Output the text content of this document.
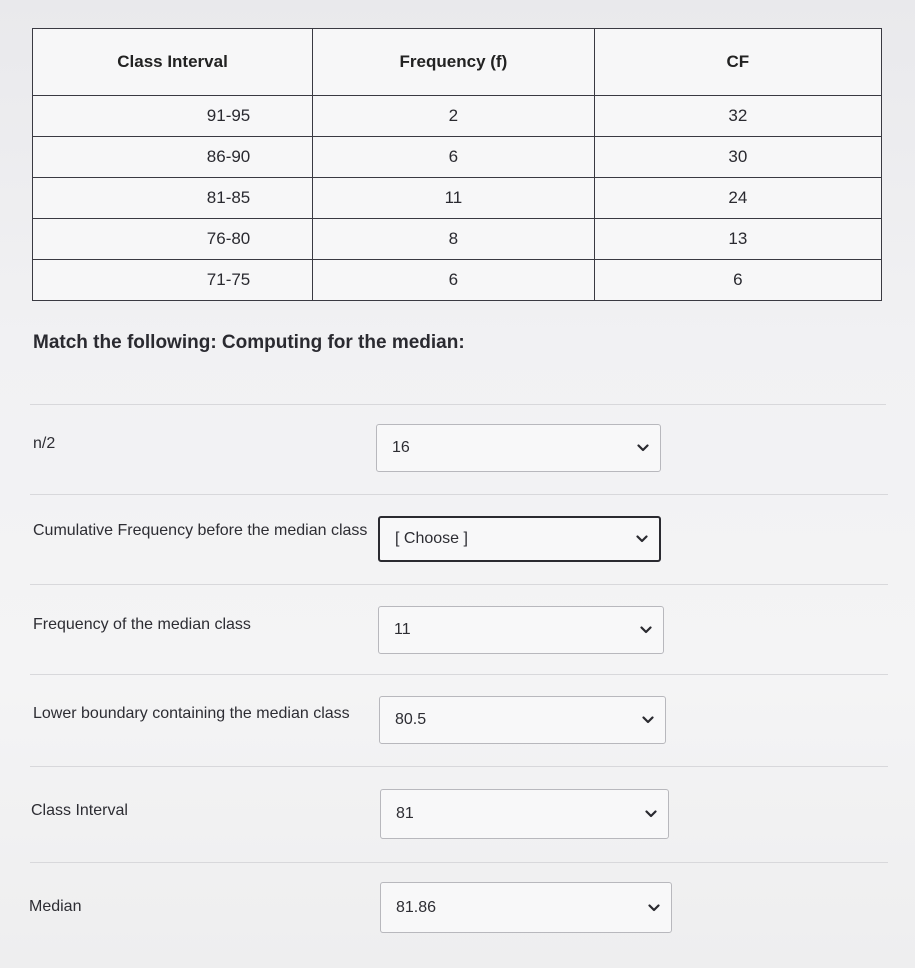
Class Interval	Frequency (f)	CF
91-95	2	32
86-90	6	30
81-85	11	24
76-80	8	13
71-75	6	6
Match the following: Computing for the median:
n/2	16
Cumulative Frequency before the median class	[ Choose ]
Frequency of the median class	11
Lower boundary containing the median class	80.5
Class Interval	81
Median	81.86
